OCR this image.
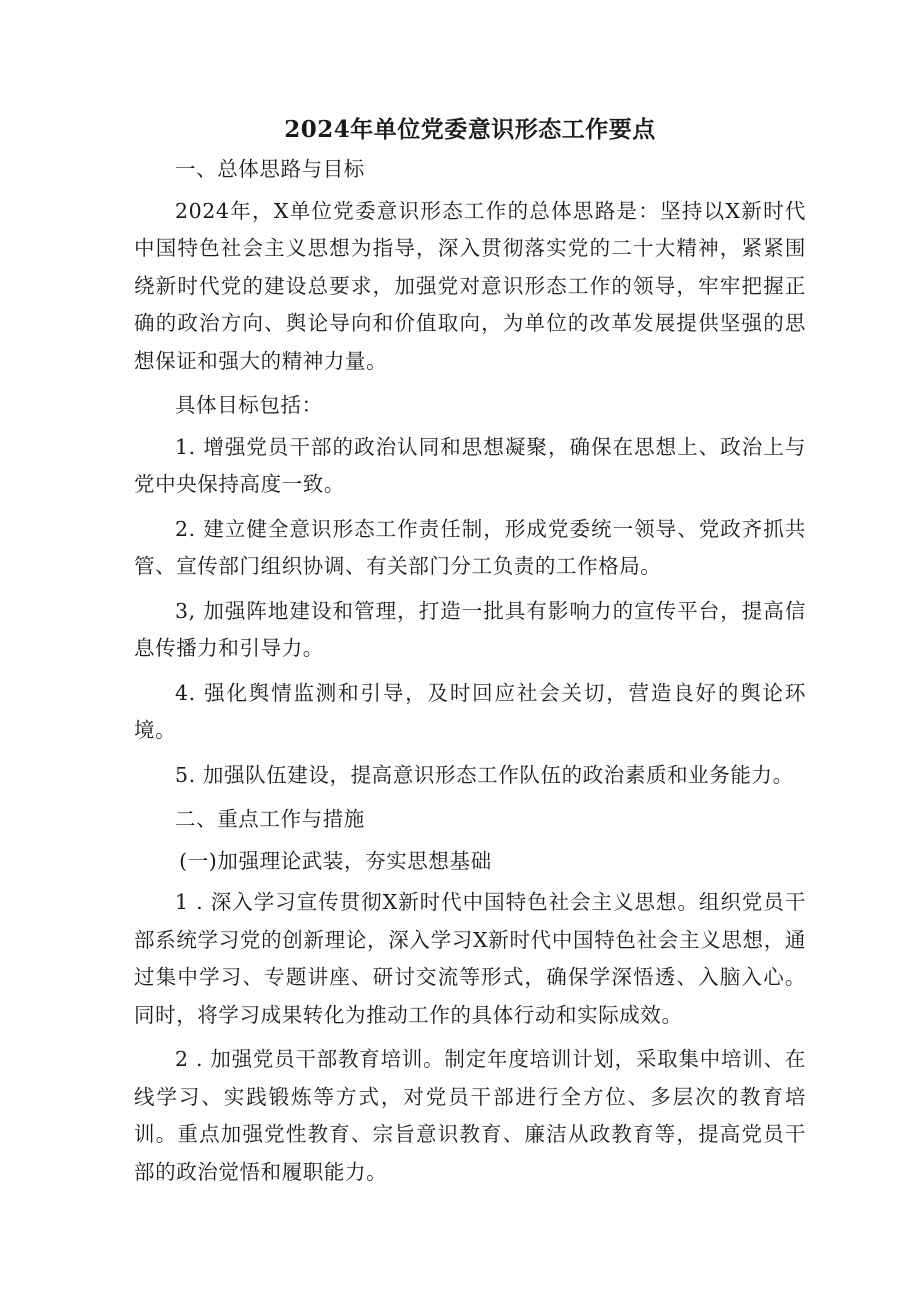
2024年单位党委意识形态工作要点

一、总体思路与目标

2024年，X单位党委意识形态工作的总体思路是：坚持以X新时代中国特色社会主义思想为指导，深入贯彻落实党的二十大精神，紧紧围绕新时代党的建设总要求，加强党对意识形态工作的领导，牢牢把握正确的政治方向、舆论导向和价值取向，为单位的改革发展提供坚强的思想保证和强大的精神力量。

具体目标包括：

1. 增强党员干部的政治认同和思想凝聚，确保在思想上、政治上与党中央保持高度一致。

2. 建立健全意识形态工作责任制，形成党委统一领导、党政齐抓共管、宣传部门组织协调、有关部门分工负责的工作格局。

3, 加强阵地建设和管理，打造一批具有影响力的宣传平台，提高信息传播力和引导力。

4. 强化舆情监测和引导，及时回应社会关切，营造良好的舆论环境。

5. 加强队伍建设，提高意识形态工作队伍的政治素质和业务能力。

二、重点工作与措施

(一)加强理论武装，夯实思想基础

1 . 深入学习宣传贯彻X新时代中国特色社会主义思想。组织党员干部系统学习党的创新理论，深入学习X新时代中国特色社会主义思想，通过集中学习、专题讲座、研讨交流等形式，确保学深悟透、入脑入心。同时，将学习成果转化为推动工作的具体行动和实际成效。

2 . 加强党员干部教育培训。制定年度培训计划，采取集中培训、在线学习、实践锻炼等方式，对党员干部进行全方位、多层次的教育培训。重点加强党性教育、宗旨意识教育、廉洁从政教育等，提高党员干部的政治觉悟和履职能力。
